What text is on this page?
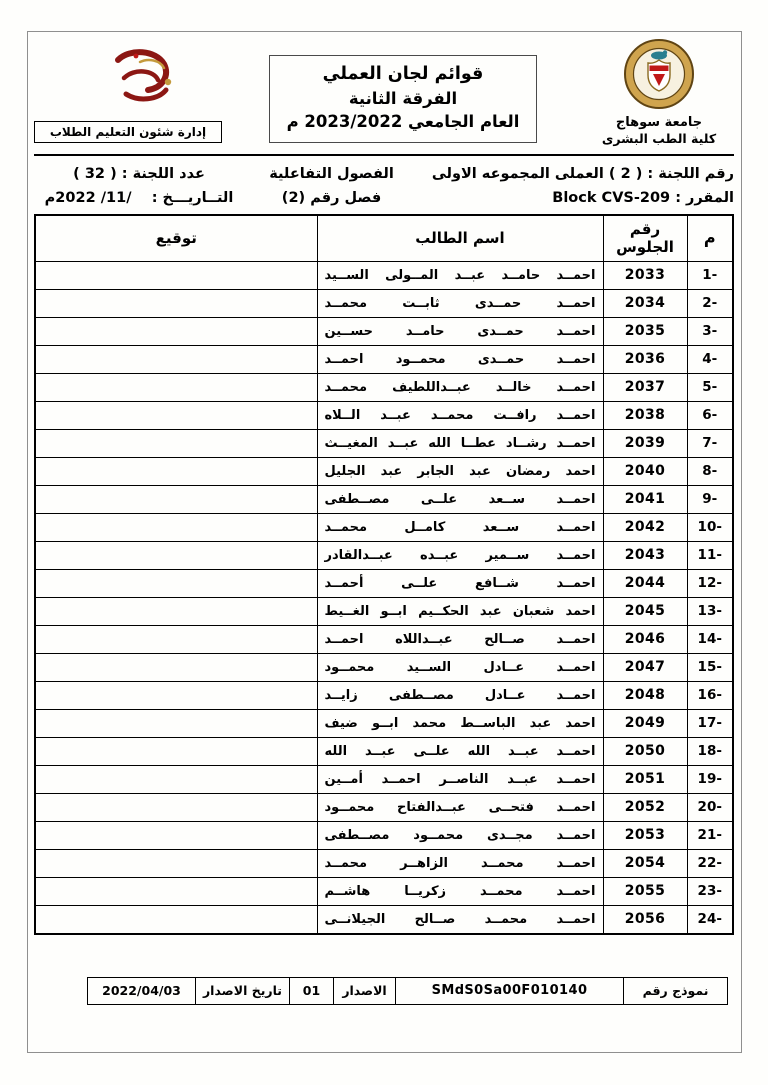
جامعة سوهاج
كلية الطب البشرى
قوائم لجان العملي
الفرقة الثانية
العام الجامعي 2023/2022 م
إدارة شئون التعليم الطلاب
رقم اللجنة : ( 2 ) العملى المجموعه الاولى
الفصول التفاعلية
عدد اللجنة : ( 32 )
المقرر : Block CVS-209
فصل رقم (2)
التــاريـــخ :    /11/ 2022م
م	رقم الجلوس	اسم الطالب	توقيع
1-	2033	احمــد حامــد عبــد المــولى الســيد	
2-	2034	احمــد حمــدى ثابــت محمــد	
3-	2035	احمــد حمــدى حامــد حســين	
4-	2036	احمــد حمــدى محمــود احمــد	
5-	2037	احمــد خالــد عبــداللطيف محمــد	
6-	2038	احمــد رافــت محمــد عبــد الــلاه	
7-	2039	احمــد رشــاد عطــا الله عبــد المغيــث	
8-	2040	احمد رمضان عبد الجابر عبد الجليل	
9-	2041	احمــد ســعد علــى مصــطفى	
10-	2042	احمــد ســعد كامــل محمــد	
11-	2043	احمــد ســمير عبــده عبــدالقادر	
12-	2044	احمــد شــافع علــى أحمــد	
13-	2045	احمد شعبان عبد الحكــيم ابــو الغــيط	
14-	2046	احمــد صــالح عبــداللاه احمــد	
15-	2047	احمــد عــادل الســيد محمــود	
16-	2048	احمــد عــادل مصــطفى زايــد	
17-	2049	احمد عبد الباســط محمد ابــو ضيف	
18-	2050	احمــد عبــد الله علــى عبــد الله	
19-	2051	احمــد عبــد الناصــر احمــد أمــين	
20-	2052	احمــد فتحــى عبــدالفتاح محمــود	
21-	2053	احمــد مجــدى محمــود مصــطفى	
22-	2054	احمــد محمــد الزاهــر محمــد	
23-	2055	احمــد محمــد زكريــا هاشــم	
24-	2056	احمــد محمــد صــالح الجيلانــى	
نموذج رقم	SMdS0Sa00F010140	الاصدار	01	تاريخ الاصدار	2022/04/03
